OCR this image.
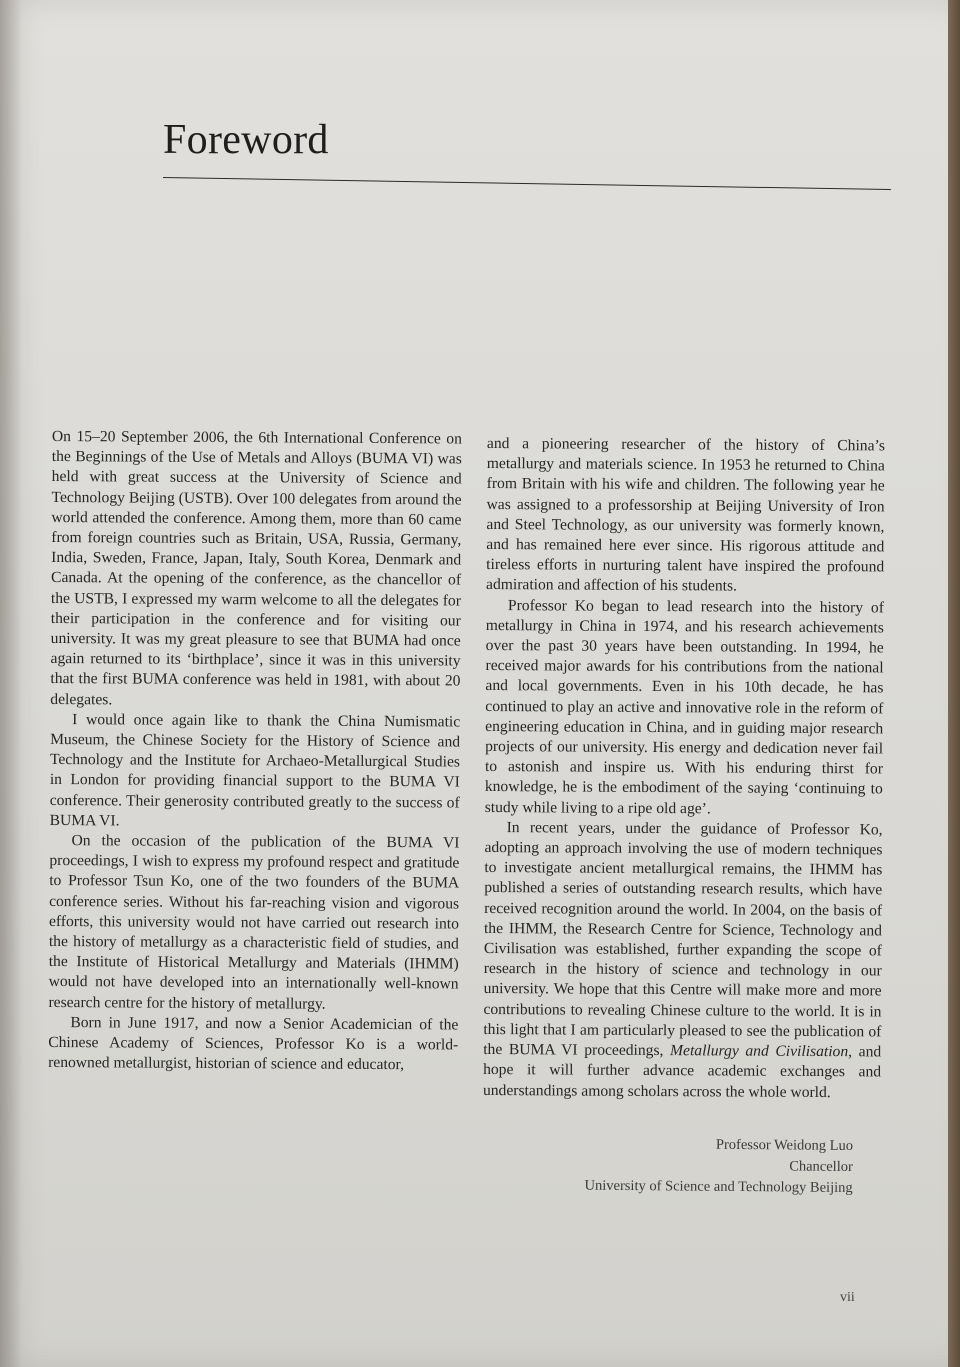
Foreword

On 15–20 September 2006, the 6th International Conference on the Beginnings of the Use of Metals and Alloys (BUMA VI) was held with great success at the University of Science and Technology Beijing (USTB). Over 100 delegates from around the world attended the conference. Among them, more than 60 came from foreign countries such as Britain, USA, Russia, Germany, India, Sweden, France, Japan, Italy, South Korea, Denmark and Canada. At the opening of the conference, as the chancellor of the USTB, I expressed my warm welcome to all the delegates for their participation in the conference and for visiting our university. It was my great pleasure to see that BUMA had once again returned to its ‘birthplace’, since it was in this university that the first BUMA conference was held in 1981, with about 20 delegates.

I would once again like to thank the China Numismatic Museum, the Chinese Society for the History of Science and Technology and the Institute for Archaeo-Metallurgical Studies in London for providing financial support to the BUMA VI conference. Their generosity contributed greatly to the success of BUMA VI.

On the occasion of the publication of the BUMA VI proceedings, I wish to express my profound respect and gratitude to Professor Tsun Ko, one of the two founders of the BUMA conference series. Without his far-reaching vision and vigorous efforts, this university would not have carried out research into the history of metallurgy as a characteristic field of studies, and the Institute of Historical Metallurgy and Materials (IHMM) would not have developed into an internationally well-known research centre for the history of metallurgy.

Born in June 1917, and now a Senior Academician of the Chinese Academy of Sciences, Professor Ko is a world-renowned metallurgist, historian of science and educator,

and a pioneering researcher of the history of China’s metallurgy and materials science. In 1953 he returned to China from Britain with his wife and children. The following year he was assigned to a professorship at Beijing University of Iron and Steel Technology, as our university was formerly known, and has remained here ever since. His rigorous attitude and tireless efforts in nurturing talent have inspired the profound admiration and affection of his students.

Professor Ko began to lead research into the history of metallurgy in China in 1974, and his research achievements over the past 30 years have been outstanding. In 1994, he received major awards for his contributions from the national and local governments. Even in his 10th decade, he has continued to play an active and innovative role in the reform of engineering education in China, and in guiding major research projects of our university. His energy and dedication never fail to astonish and inspire us. With his enduring thirst for knowledge, he is the embodiment of the saying ‘continuing to study while living to a ripe old age’.

In recent years, under the guidance of Professor Ko, adopting an approach involving the use of modern techniques to investigate ancient metallurgical remains, the IHMM has published a series of outstanding research results, which have received recognition around the world. In 2004, on the basis of the IHMM, the Research Centre for Science, Technology and Civilisation was established, further expanding the scope of research in the history of science and technology in our university. We hope that this Centre will make more and more contributions to revealing Chinese culture to the world. It is in this light that I am particularly pleased to see the publication of the BUMA VI proceedings, Metallurgy and Civilisation, and hope it will further advance academic exchanges and understandings among scholars across the whole world.

Professor Weidong Luo
Chancellor
University of Science and Technology Beijing
vii
